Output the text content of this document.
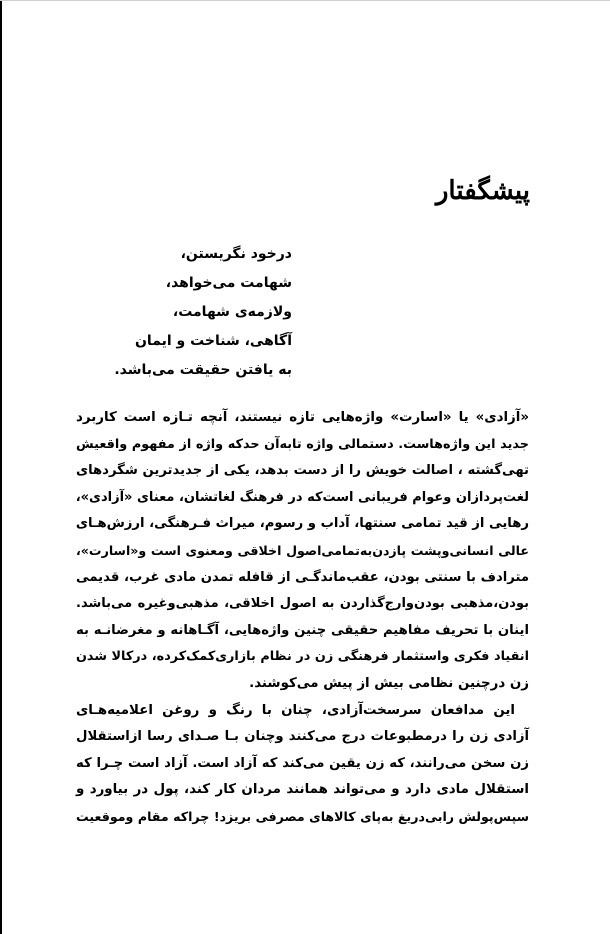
پیشگفتار
درخود نگریستن،
شهامت می‌خواهد،
ولازمه‌ی شهامت،
آگاهی، شناخت و ایمان
به یافتن حقیقت می‌باشد.
«آزادی» یا «اسارت» واژه‌هایی تازه نیستند، آنچه تـازه است کاربرد
جدید این واژه‌هاست. دستمالی واژه تابه‌آن حدکه واژه از مفهوم واقعیش
تهی‌گشته ، اصالت خویش را از دست بدهد، یکی از جدیدترین شگردهای
لغت‌پردازان وعوام فریبانی است‌که در فرهنگ لغاتشان، معنای «آزادی»،
رهایی از قید تمامی سنتها، آداب و رسوم، میراث فـرهنگی، ارزش‌هـای
عالی انسانی‌وپشت پازدن‌به‌تمامی‌اصول اخلاقی ومعنوی است و«اسارت»،
مترادف با سنتی بودن، عقب‌ماندگـی از قافله تمدن مادی غرب، قدیمی
بودن،مذهبی بودن‌وارج‌گذاردن به اصول اخلاقی، مذهبی‌وغیره می‌باشد.
اینان با تحریف مفاهیم حقیقی چنین واژه‌هایی، آگـاهانه و مغرضانـه به
انقیاد فکری واستثمار فرهنگی زن در نظام بازاری‌کمک‌کرده، درکالا شدن
زن درچنین نظامی بیش از پیش می‌کوشند.
این مدافعان سرسخت‌آزادی، چنان با رنگ و روغن اعلامیه‌هـای
آزادی زن را درمطبوعات درج می‌کنند وچنان بـا صـدای رسا ازاستقلال
زن سخن می‌رانند، که زن یقین می‌کند که آزاد است. آزاد است چـرا که
استقلال مادی دارد و می‌تواند همانند مردان کار کند، پول در بیاورد و
سپس‌پولش رابی‌دریغ به‌پای کالاهای مصرفی بریزد! چراکه مقام وموقعیت
